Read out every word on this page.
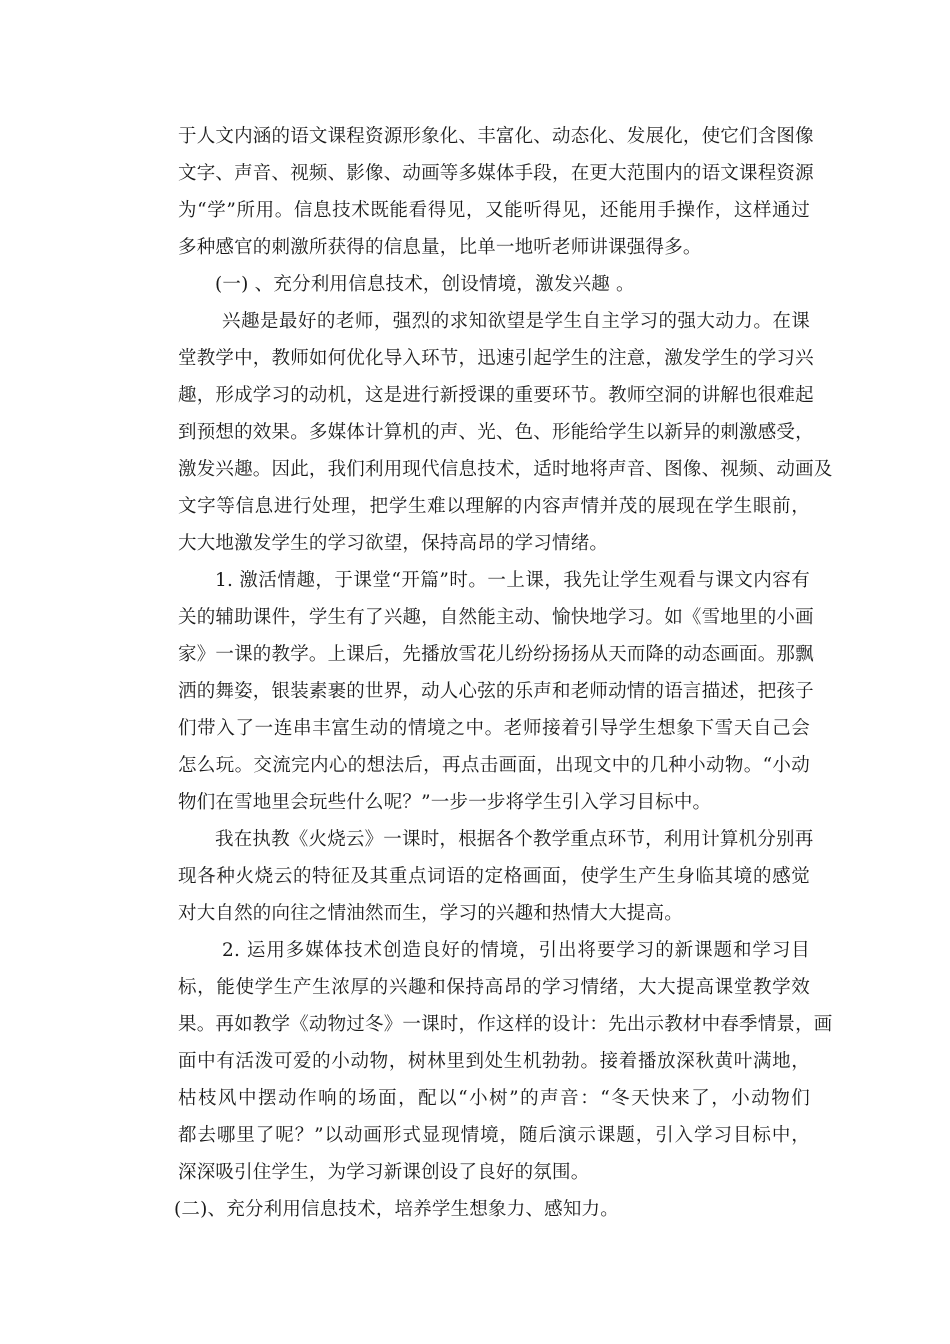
于人文内涵的语文课程资源形象化、丰富化、动态化、发展化，使它们含图像
文字、声音、视频、影像、动画等多媒体手段，在更大范围内的语文课程资源
为“学”所用。信息技术既能看得见，又能听得见，还能用手操作，这样通过
多种感官的刺激所获得的信息量，比单一地听老师讲课强得多。
(一) 、充分利用信息技术，创设情境，激发兴趣 。
兴趣是最好的老师，强烈的求知欲望是学生自主学习的强大动力。在课
堂教学中，教师如何优化导入环节，迅速引起学生的注意，激发学生的学习兴
趣，形成学习的动机，这是进行新授课的重要环节。教师空洞的讲解也很难起
到预想的效果。多媒体计算机的声、光、色、形能给学生以新异的刺激感受，
激发兴趣。因此，我们利用现代信息技术，适时地将声音、图像、视频、动画及
文字等信息进行处理，把学生难以理解的内容声情并茂的展现在学生眼前，
大大地激发学生的学习欲望，保持高昂的学习情绪。
1. 激活情趣，于课堂“开篇”时。一上课，我先让学生观看与课文内容有
关的辅助课件，学生有了兴趣，自然能主动、愉快地学习。如《雪地里的小画
家》一课的教学。上课后，先播放雪花儿纷纷扬扬从天而降的动态画面。那飘
洒的舞姿，银装素裹的世界，动人心弦的乐声和老师动情的语言描述，把孩子
们带入了一连串丰富生动的情境之中。老师接着引导学生想象下雪天自己会
怎么玩。交流完内心的想法后，再点击画面，出现文中的几种小动物。“小动
物们在雪地里会玩些什么呢？”一步一步将学生引入学习目标中。
我在执教《火烧云》一课时，根据各个教学重点环节，利用计算机分别再
现各种火烧云的特征及其重点词语的定格画面，使学生产生身临其境的感觉
对大自然的向往之情油然而生，学习的兴趣和热情大大提高。
2. 运用多媒体技术创造良好的情境，引出将要学习的新课题和学习目
标，能使学生产生浓厚的兴趣和保持高昂的学习情绪，大大提高课堂教学效
果。再如教学《动物过冬》一课时，作这样的设计：先出示教材中春季情景，画
面中有活泼可爱的小动物，树林里到处生机勃勃。接着播放深秋黄叶满地，
枯枝风中摆动作响的场面，配以“小树”的声音：“冬天快来了，小动物们
都去哪里了呢？”以动画形式显现情境，随后演示课题，引入学习目标中，
深深吸引住学生，为学习新课创设了良好的氛围。
(二)、充分利用信息技术，培养学生想象力、感知力。
